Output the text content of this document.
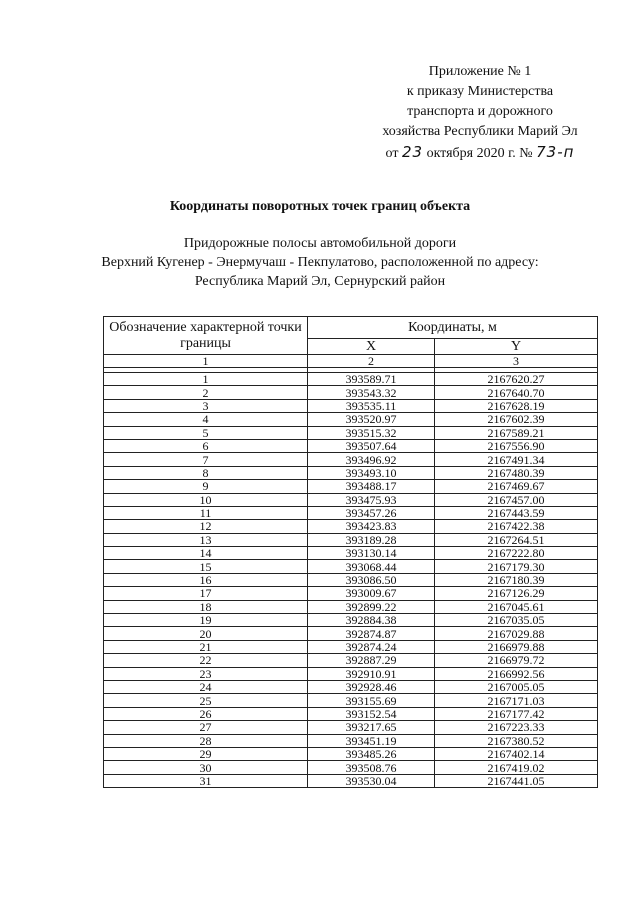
Приложение № 1
к приказу Министерства
транспорта и дорожного
хозяйства Республики Марий Эл
от 23 октября 2020 г. № 73-п
Координаты поворотных точек границ объекта
Придорожные полосы автомобильной дороги
Верхний Кугенер - Энермучаш - Пекпулатово, расположенной по адресу:
Республика Марий Эл, Сернурский район
Обозначение характерной точки границы	Координаты, м	
	X	Y
1	2	3

1	393589.71	2167620.27
2	393543.32	2167640.70
3	393535.11	2167628.19
4	393520.97	2167602.39
5	393515.32	2167589.21
6	393507.64	2167556.90
7	393496.92	2167491.34
8	393493.10	2167480.39
9	393488.17	2167469.67
10	393475.93	2167457.00
11	393457.26	2167443.59
12	393423.83	2167422.38
13	393189.28	2167264.51
14	393130.14	2167222.80
15	393068.44	2167179.30
16	393086.50	2167180.39
17	393009.67	2167126.29
18	392899.22	2167045.61
19	392884.38	2167035.05
20	392874.87	2167029.88
21	392874.24	2166979.88
22	392887.29	2166979.72
23	392910.91	2166992.56
24	392928.46	2167005.05
25	393155.69	2167171.03
26	393152.54	2167177.42
27	393217.65	2167223.33
28	393451.19	2167380.52
29	393485.26	2167402.14
30	393508.76	2167419.02
31	393530.04	2167441.05
